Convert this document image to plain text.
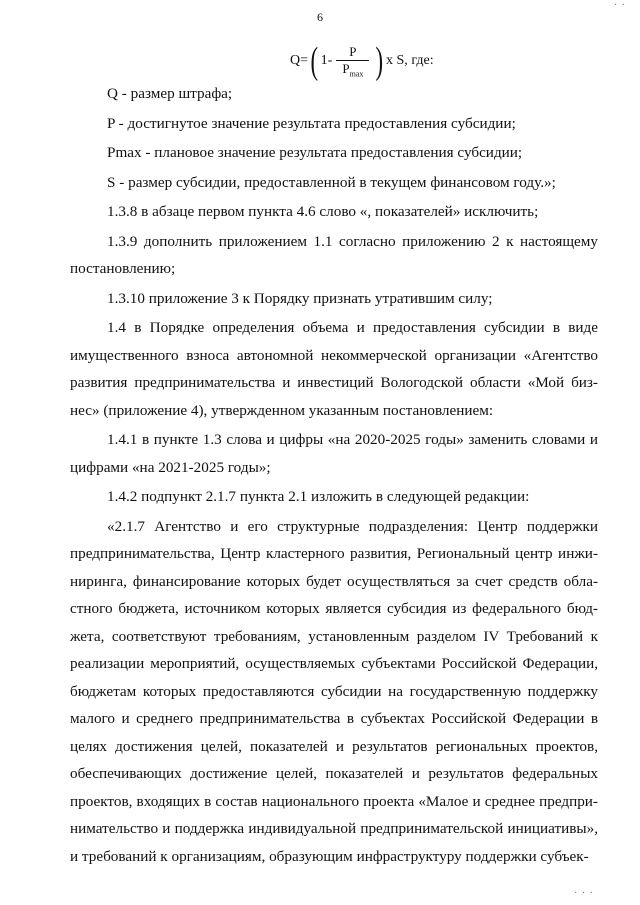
· ·
6
Q= ( $1- \frac{P}{P_{max}}$ ) x S,
где:

Q - размер штрафа;

P - достигнутое значение результата предоставления субсидии;

Pmax - плановое значение результата предоставления субсидии;

S - размер субсидии, предоставленной в текущем финансовом году.»;

1.3.8 в абзаце первом пункта 4.6 слово «, показателей» исключить;

1.3.9 дополнить приложением 1.1 согласно приложению 2 к настоящему постановлению;

1.3.10 приложение 3 к Порядку признать утратившим силу;

1.4 в Порядке определения объема и предоставления субсидии в виде имущественного взноса автономной некоммерческой организации «Агентство развития предпринимательства и инвестиций Вологодской области «Мой биз- нес» (приложение 4), утвержденном указанным постановлением:

1.4.1 в пункте 1.3 слова и цифры «на 2020-2025 годы» заменить словами и цифрами «на 2021-2025 годы»;

1.4.2 подпункт 2.1.7 пункта 2.1 изложить в следующей редакции:

«2.1.7 Агентство и его структурные подразделения: Центр поддержки предпринимательства, Центр кластерного развития, Региональный центр инжи- ниринга, финансирование которых будет осуществляться за счет средств обла- стного бюджета, источником которых является субсидия из федерального бюд- жета, соответствуют требованиям, установленным разделом IV Требований к реализации мероприятий, осуществляемых субъектами Российской Федерации, бюджетам которых предоставляются субсидии на государственную поддержку малого и среднего предпринимательства в субъектах Российской Федерации в целях достижения целей, показателей и результатов региональных проектов, обеспечивающих достижение целей, показателей и результатов федеральных проектов, входящих в состав национального проекта «Малое и среднее предпри- нимательство и поддержка индивидуальной предпринимательской инициативы», и требований к организациям, образующим инфраструктуру поддержки субъек-

· · ·
